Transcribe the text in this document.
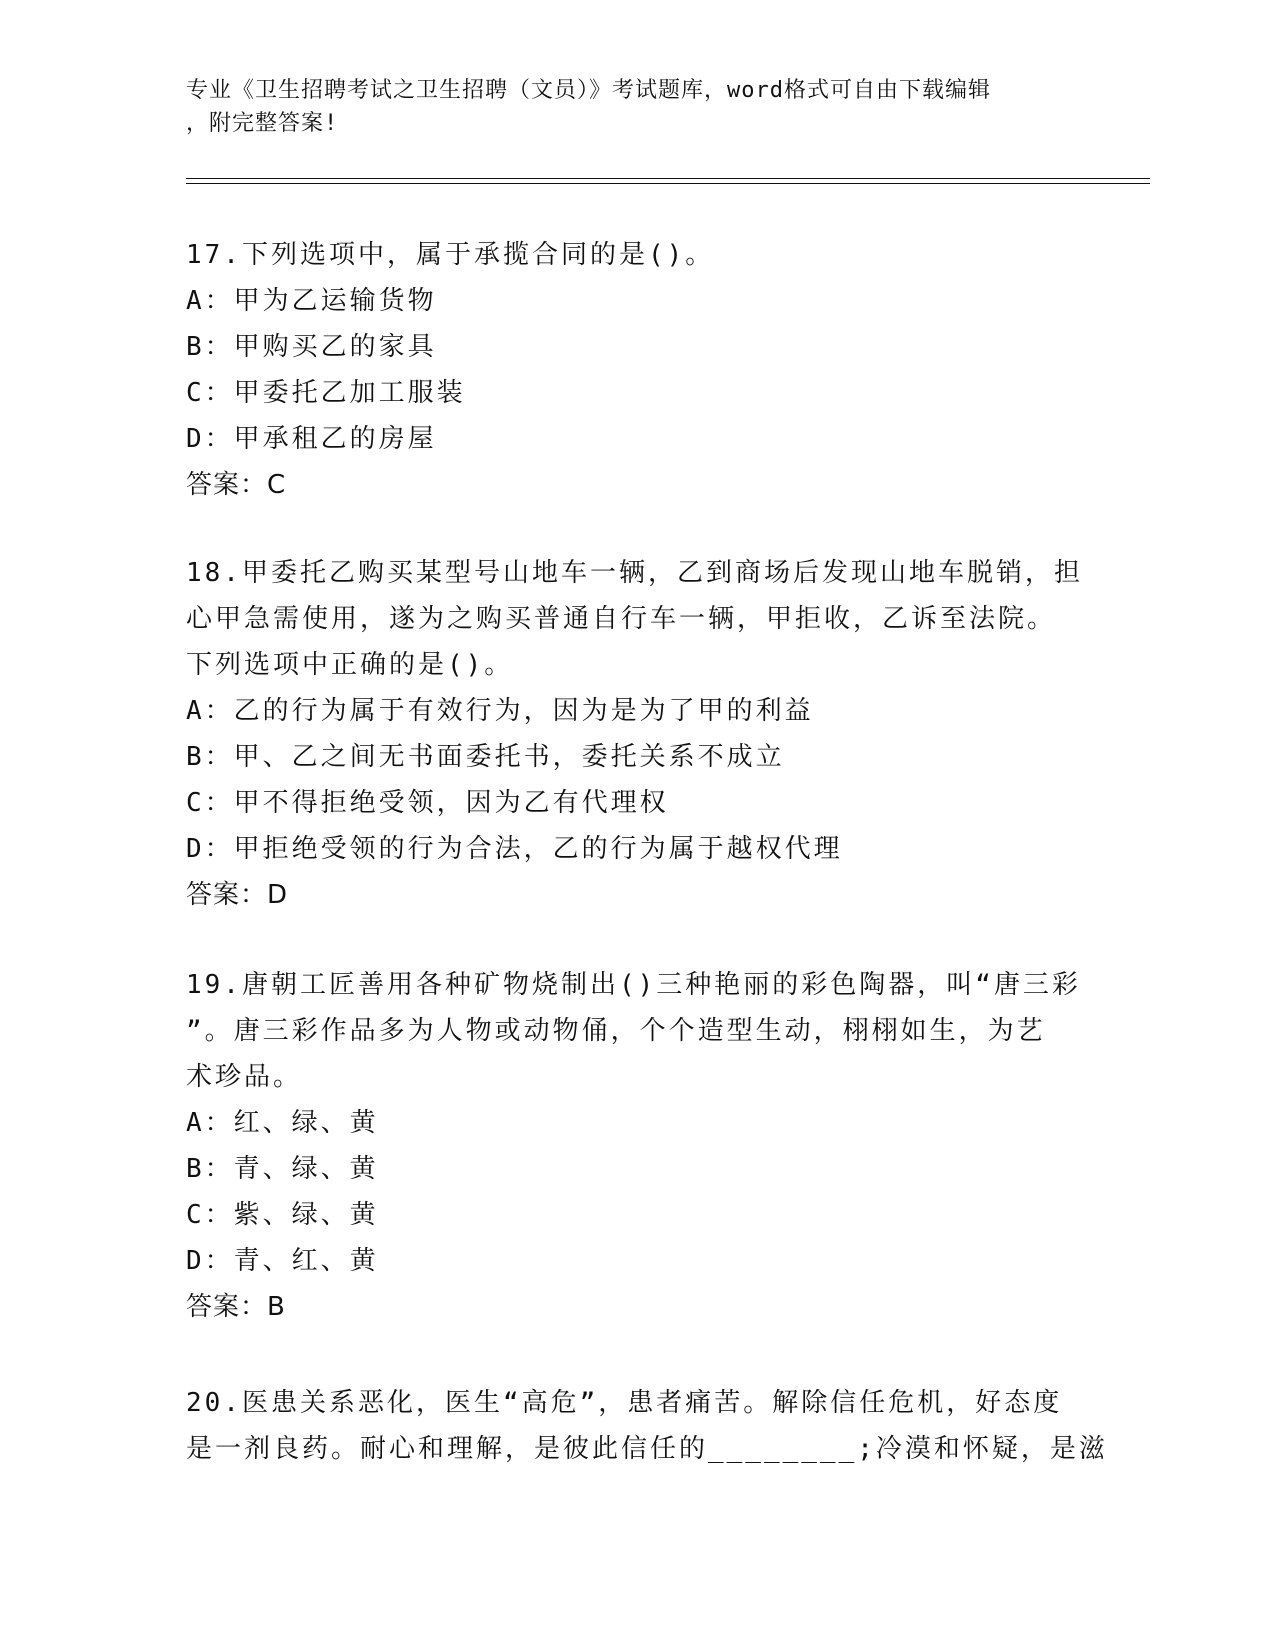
专业《卫生招聘考试之卫生招聘（文员）》考试题库，word格式可自由下载编辑
，附完整答案!
17.下列选项中，属于承揽合同的是()。
A：甲为乙运输货物
B：甲购买乙的家具
C：甲委托乙加工服装
D：甲承租乙的房屋
答案：C
18.甲委托乙购买某型号山地车一辆，乙到商场后发现山地车脱销，担
心甲急需使用，遂为之购买普通自行车一辆，甲拒收，乙诉至法院。
下列选项中正确的是()。
A：乙的行为属于有效行为，因为是为了甲的利益
B：甲、乙之间无书面委托书，委托关系不成立
C：甲不得拒绝受领，因为乙有代理权
D：甲拒绝受领的行为合法，乙的行为属于越权代理
答案：D
19.唐朝工匠善用各种矿物烧制出()三种艳丽的彩色陶器，叫“唐三彩
”。唐三彩作品多为人物或动物俑，个个造型生动，栩栩如生，为艺
术珍品。
A：红、绿、黄
B：青、绿、黄
C：紫、绿、黄
D：青、红、黄
答案：B
20.医患关系恶化，医生“高危”，患者痛苦。解除信任危机，好态度
是一剂良药。耐心和理解，是彼此信任的________;冷漠和怀疑，是滋
